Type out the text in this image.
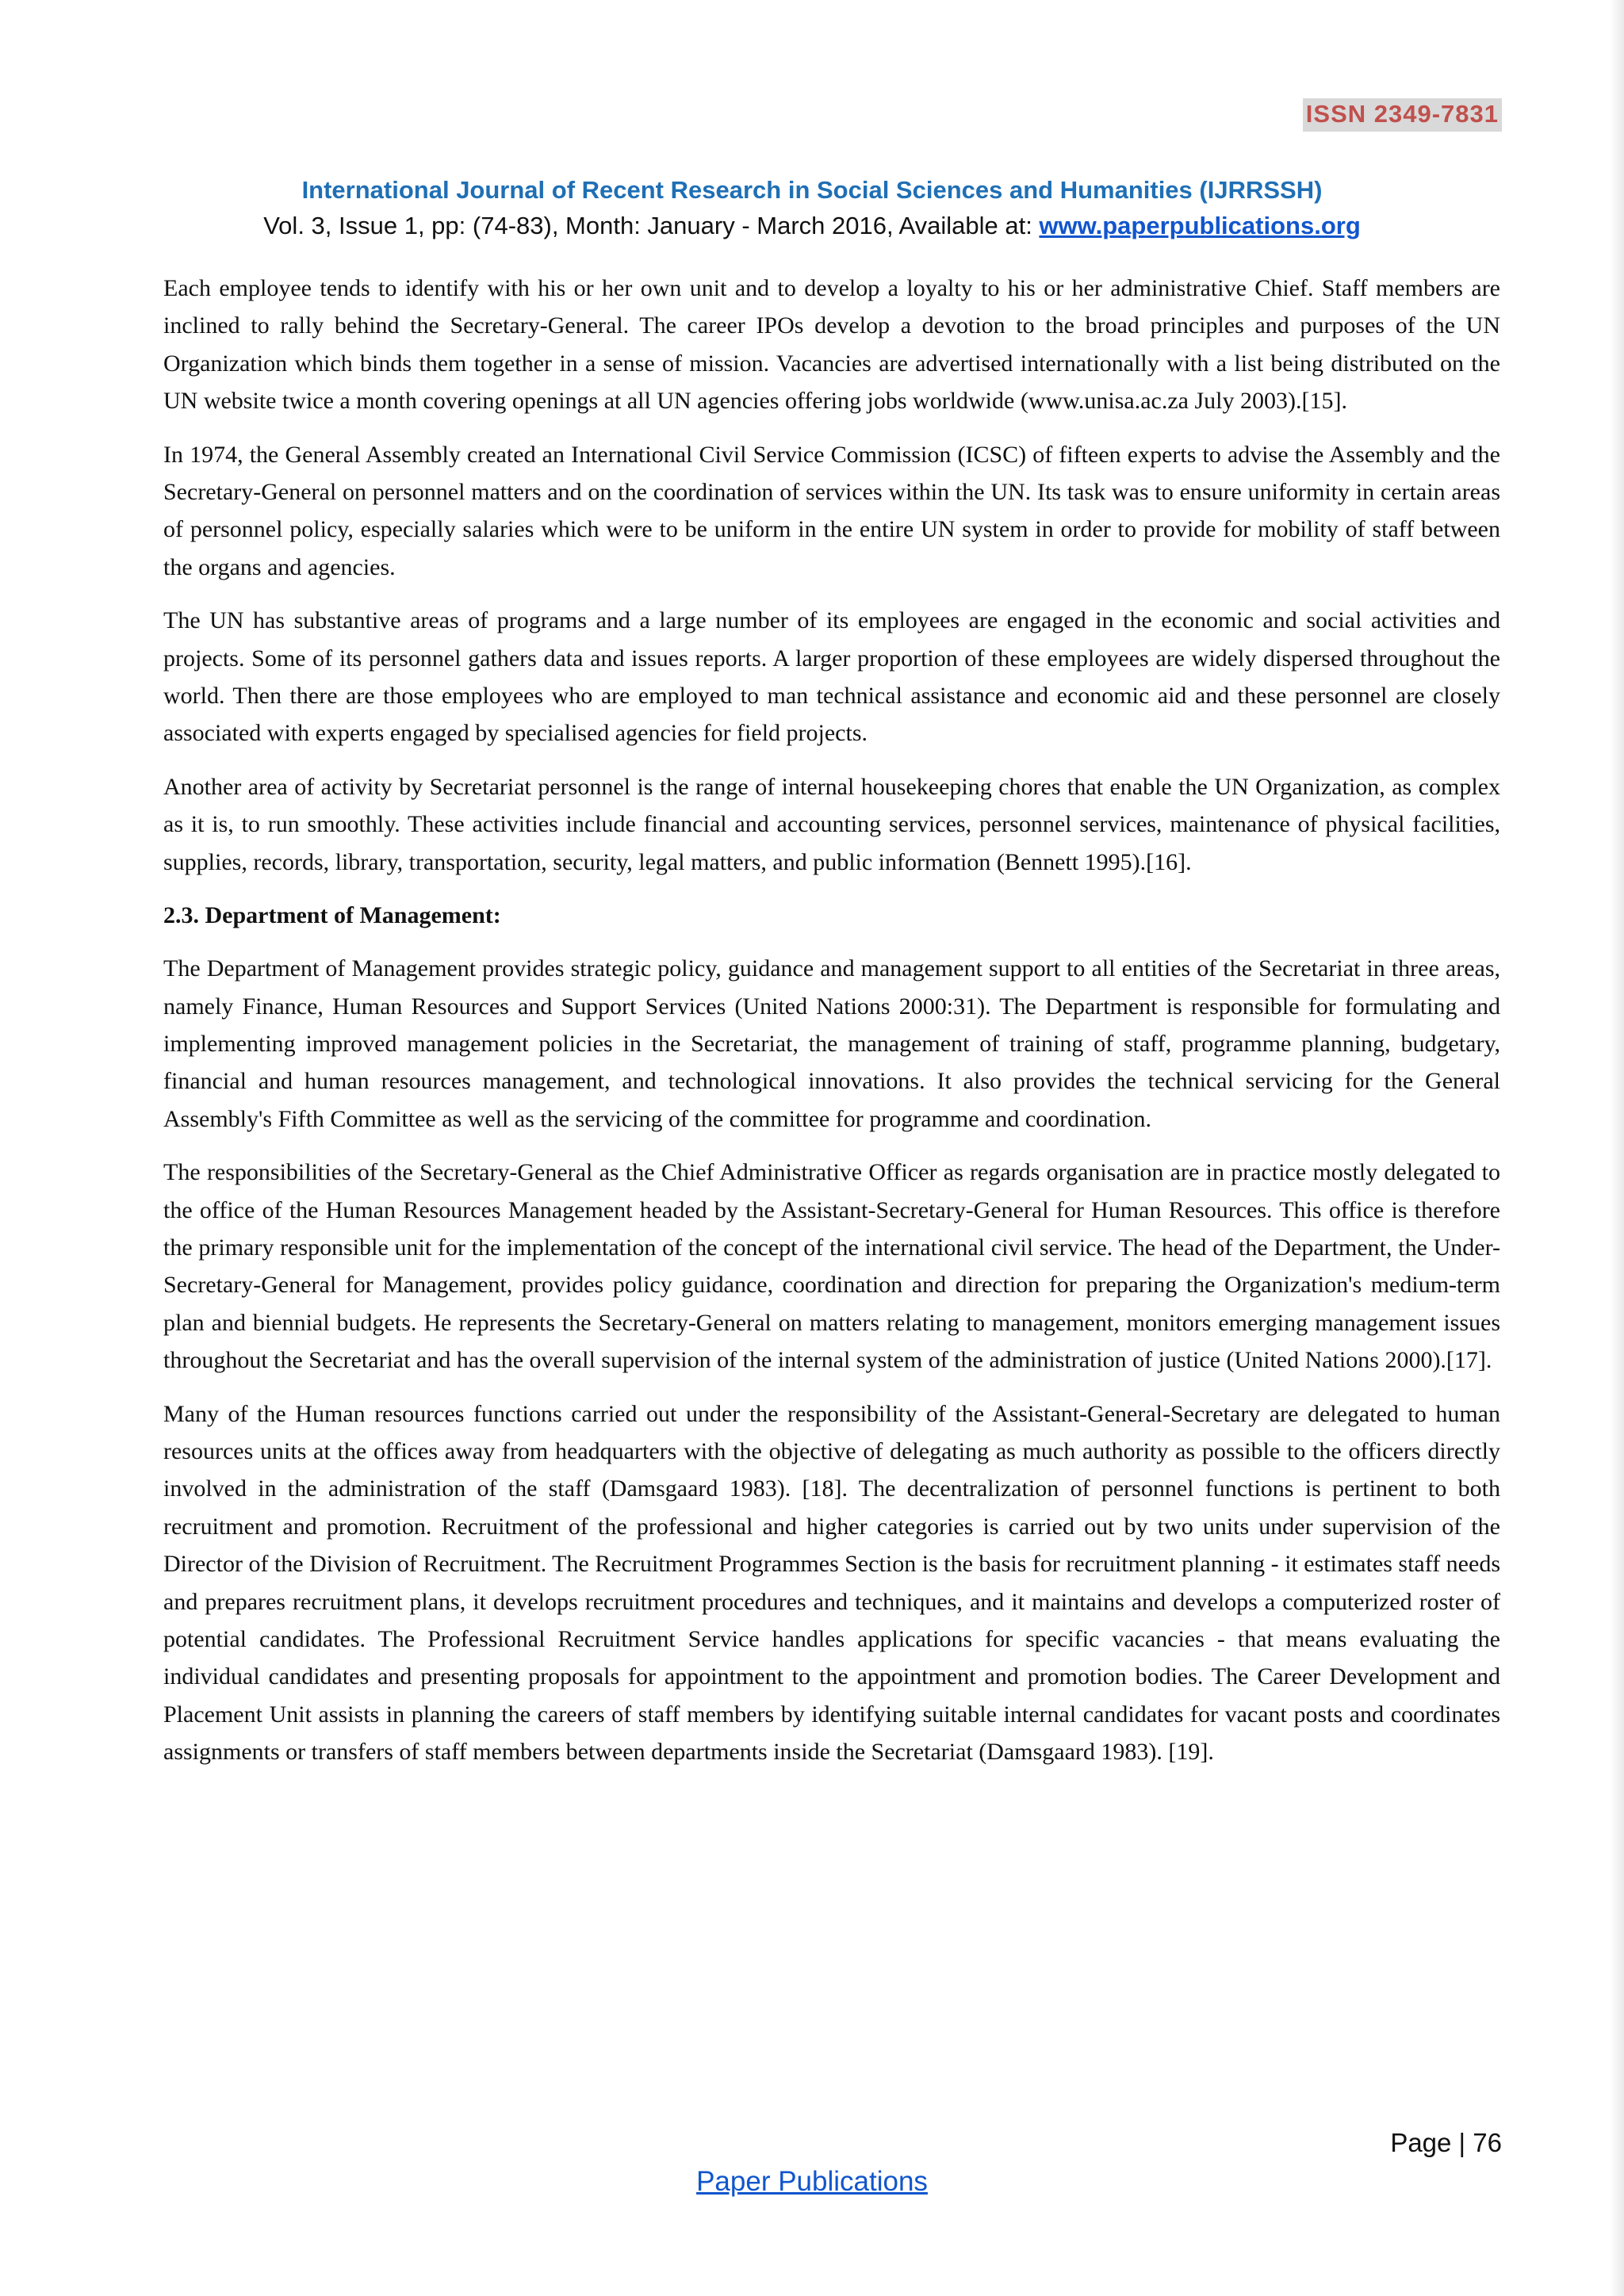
ISSN 2349-7831
International Journal of Recent Research in Social Sciences and Humanities (IJRRSSH)
Vol. 3, Issue 1, pp: (74-83), Month: January - March 2016, Available at: www.paperpublications.org

Each employee tends to identify with his or her own unit and to develop a loyalty to his or her administrative Chief. Staff members are inclined to rally behind the Secretary-General. The career IPOs develop a devotion to the broad principles and purposes of the UN Organization which binds them together in a sense of mission. Vacancies are advertised internationally with a list being distributed on the UN website twice a month covering openings at all UN agencies offering jobs worldwide (www.unisa.ac.za July 2003).[15].

In 1974, the General Assembly created an International Civil Service Commission (ICSC) of fifteen experts to advise the Assembly and the Secretary-General on personnel matters and on the coordination of services within the UN. Its task was to ensure uniformity in certain areas of personnel policy, especially salaries which were to be uniform in the entire UN system in order to provide for mobility of staff between the organs and agencies.

The UN has substantive areas of programs and a large number of its employees are engaged in the economic and social activities and projects. Some of its personnel gathers data and issues reports. A larger proportion of these employees are widely dispersed throughout the world. Then there are those employees who are employed to man technical assistance and economic aid and these personnel are closely associated with experts engaged by specialised agencies for field projects.

Another area of activity by Secretariat personnel is the range of internal housekeeping chores that enable the UN Organization, as complex as it is, to run smoothly. These activities include financial and accounting services, personnel services, maintenance of physical facilities, supplies, records, library, transportation, security, legal matters, and public information (Bennett 1995).[16].

2.3. Department of Management:

The Department of Management provides strategic policy, guidance and management support to all entities of the Secretariat in three areas, namely Finance, Human Resources and Support Services (United Nations 2000:31). The Department is responsible for formulating and implementing improved management policies in the Secretariat, the management of training of staff, programme planning, budgetary, financial and human resources management, and technological innovations. It also provides the technical servicing for the General Assembly's Fifth Committee as well as the servicing of the committee for programme and coordination.

The responsibilities of the Secretary-General as the Chief Administrative Officer as regards organisation are in practice mostly delegated to the office of the Human Resources Management headed by the Assistant-Secretary-General for Human Resources. This office is therefore the primary responsible unit for the implementation of the concept of the international civil service. The head of the Department, the Under-Secretary-General for Management, provides policy guidance, coordination and direction for preparing the Organization's medium-term plan and biennial budgets. He represents the Secretary-General on matters relating to management, monitors emerging management issues throughout the Secretariat and has the overall supervision of the internal system of the administration of justice (United Nations 2000).[17].

Many of the Human resources functions carried out under the responsibility of the Assistant-General-Secretary are delegated to human resources units at the offices away from headquarters with the objective of delegating as much authority as possible to the officers directly involved in the administration of the staff (Damsgaard 1983). [18]. The decentralization of personnel functions is pertinent to both recruitment and promotion. Recruitment of the professional and higher categories is carried out by two units under supervision of the Director of the Division of Recruitment. The Recruitment Programmes Section is the basis for recruitment planning - it estimates staff needs and prepares recruitment plans, it develops recruitment procedures and techniques, and it maintains and develops a computerized roster of potential candidates. The Professional Recruitment Service handles applications for specific vacancies - that means evaluating the individual candidates and presenting proposals for appointment to the appointment and promotion bodies. The Career Development and Placement Unit assists in planning the careers of staff members by identifying suitable internal candidates for vacant posts and coordinates assignments or transfers of staff members between departments inside the Secretariat (Damsgaard 1983). [19].

Page | 76
Paper Publications
